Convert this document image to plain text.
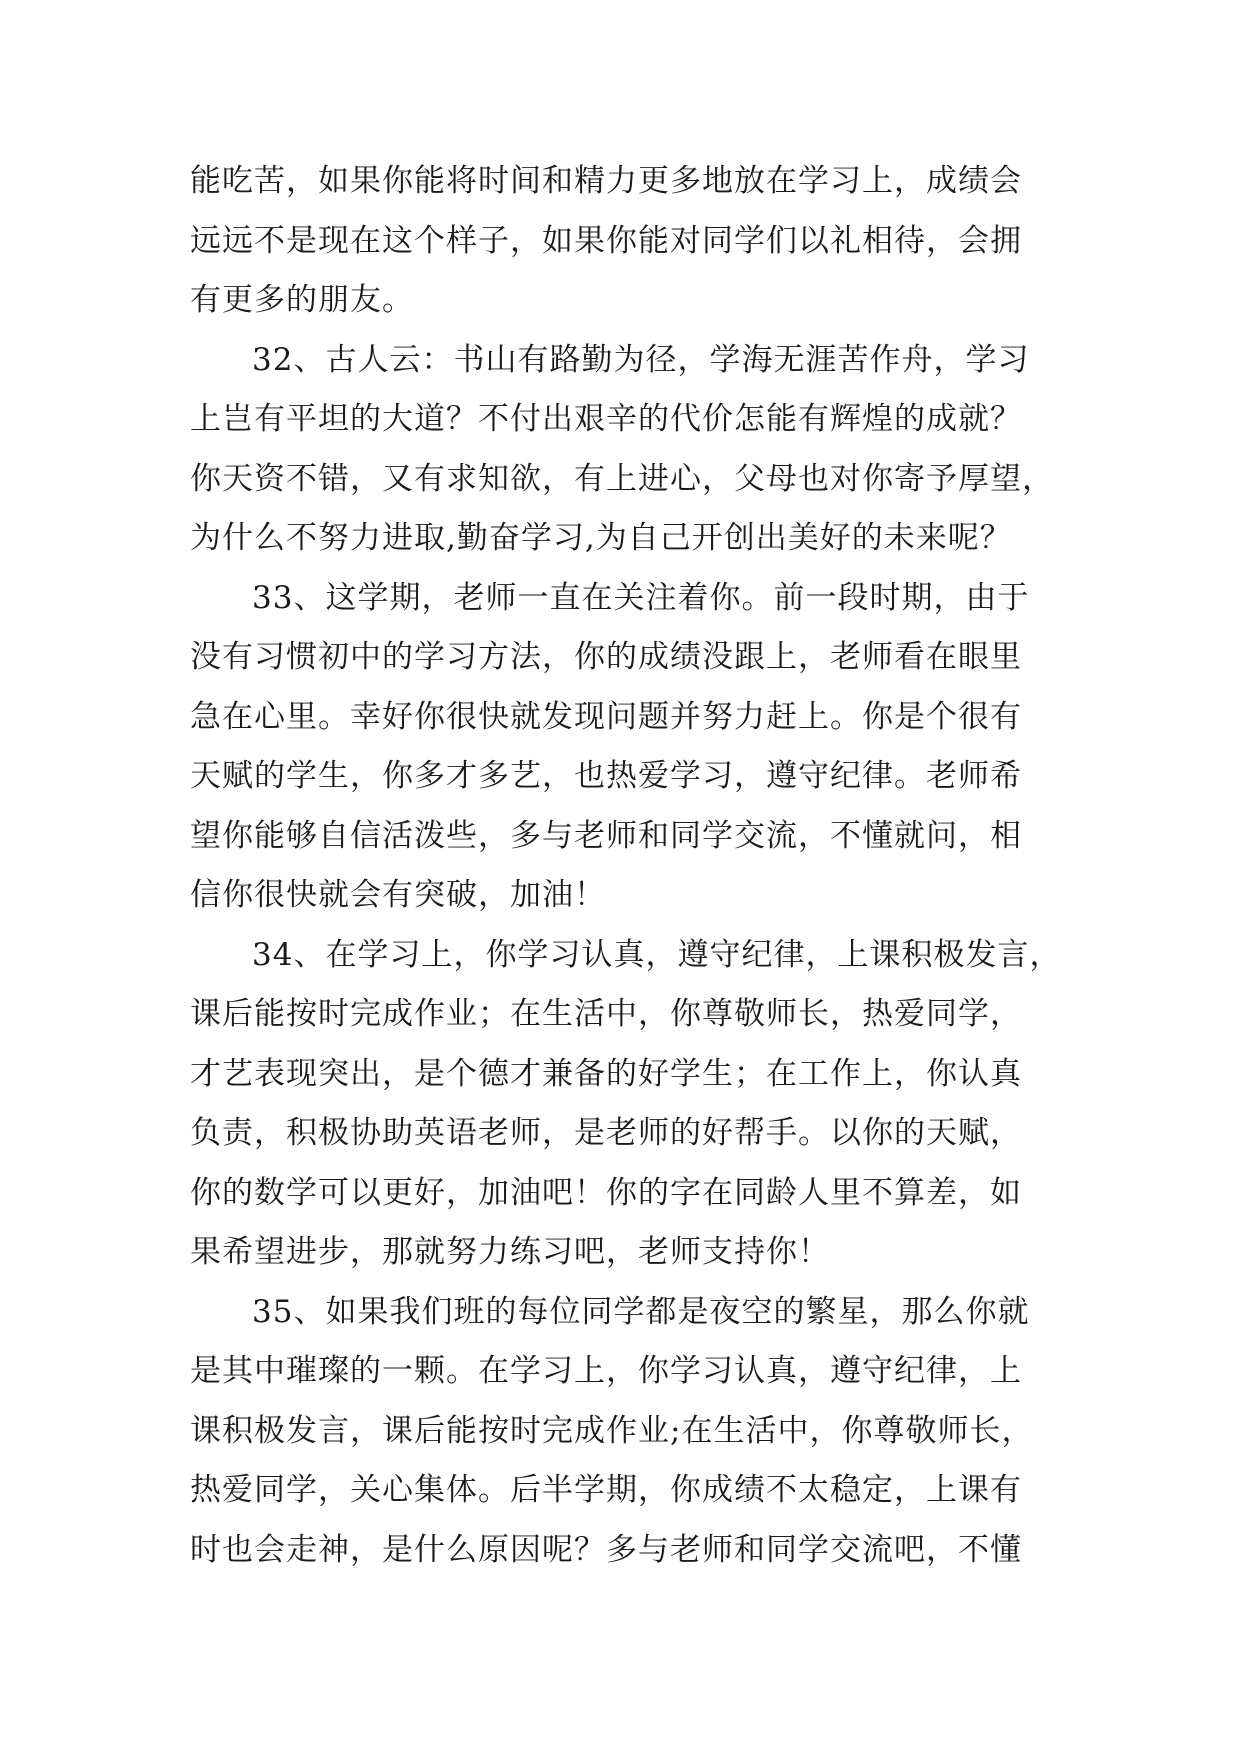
能吃苦，如果你能将时间和精力更多地放在学习上，成绩会
远远不是现在这个样子，如果你能对同学们以礼相待，会拥
有更多的朋友。
32、古人云：书山有路勤为径，学海无涯苦作舟，学习
上岂有平坦的大道？不付出艰辛的代价怎能有辉煌的成就？
你天资不错，又有求知欲，有上进心，父母也对你寄予厚望，
为什么不努力进取,勤奋学习,为自己开创出美好的未来呢？
33、这学期，老师一直在关注着你。前一段时期，由于
没有习惯初中的学习方法，你的成绩没跟上，老师看在眼里
急在心里。幸好你很快就发现问题并努力赶上。你是个很有
天赋的学生，你多才多艺，也热爱学习，遵守纪律。老师希
望你能够自信活泼些，多与老师和同学交流，不懂就问，相
信你很快就会有突破，加油！
34、在学习上，你学习认真，遵守纪律，上课积极发言，
课后能按时完成作业；在生活中，你尊敬师长，热爱同学，
才艺表现突出，是个德才兼备的好学生；在工作上，你认真
负责，积极协助英语老师，是老师的好帮手。以你的天赋，
你的数学可以更好，加油吧！你的字在同龄人里不算差，如
果希望进步，那就努力练习吧，老师支持你！
35、如果我们班的每位同学都是夜空的繁星，那么你就
是其中璀璨的一颗。在学习上，你学习认真，遵守纪律，上
课积极发言，课后能按时完成作业;在生活中，你尊敬师长，
热爱同学，关心集体。后半学期，你成绩不太稳定，上课有
时也会走神，是什么原因呢？多与老师和同学交流吧，不懂
